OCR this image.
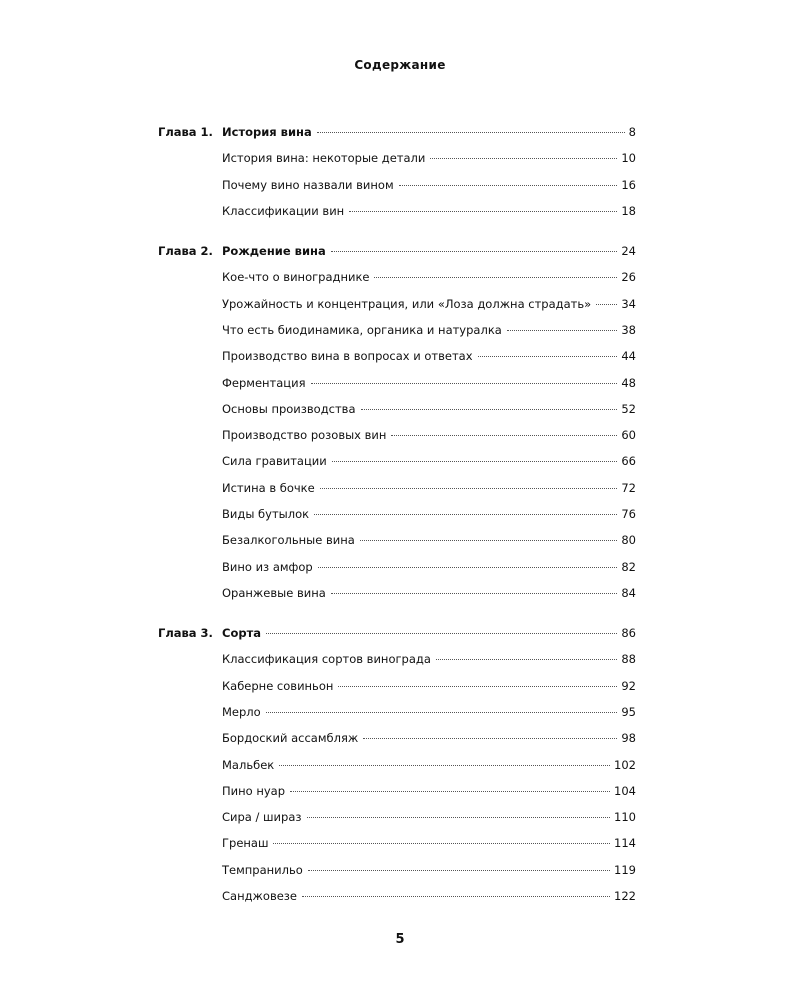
Содержание
Глава 1. История вина	8
История вина: некоторые детали	10
Почему вино назвали вином	16
Классификации вин	18
Глава 2. Рождение вина	24
Кое-что о винограднике	26
Урожайность и концентрация, или «Лоза должна страдать»	34
Что есть биодинамика, органика и натуралка	38
Производство вина в вопросах и ответах	44
Ферментация	48
Основы производства	52
Производство розовых вин	60
Сила гравитации	66
Истина в бочке	72
Виды бутылок	76
Безалкогольные вина	80
Вино из амфор	82
Оранжевые вина	84
Глава 3. Сорта	86
Классификация сортов винограда	88
Каберне совиньон	92
Мерло	95
Бордоский ассамбляж	98
Мальбек	102
Пино нуар	104
Сира / шираз	110
Гренаш	114
Темпранильо	119
Санджовезе	122
5
